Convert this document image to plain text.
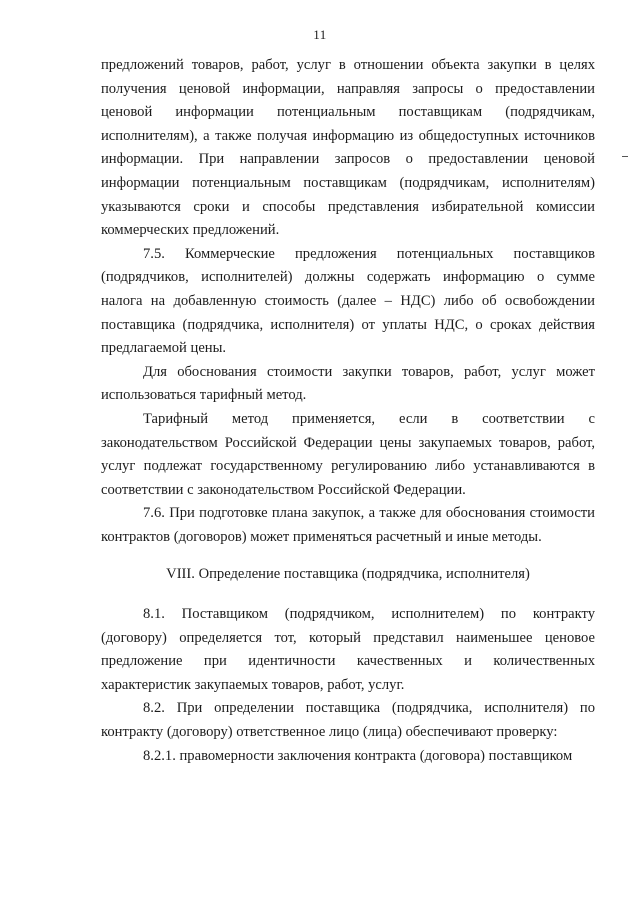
11
предложений товаров, работ, услуг в отношении объекта закупки в целях
получения ценовой информации, направляя запросы о предоставлении
ценовой информации потенциальным поставщикам (подрядчикам,
исполнителям), а также получая информацию из общедоступных источников
информации. При направлении запросов о предоставлении ценовой
информации потенциальным поставщикам (подрядчикам, исполнителям)
указываются сроки и способы представления избирательной комиссии
коммерческих предложений.
7.5. Коммерческие предложения потенциальных поставщиков
(подрядчиков, исполнителей) должны содержать информацию о сумме
налога на добавленную стоимость (далее – НДС) либо об освобождении
поставщика (подрядчика, исполнителя) от уплаты НДС, о сроках действия
предлагаемой цены.
Для обоснования стоимости закупки товаров, работ, услуг может
использоваться тарифный метод.
Тарифный метод применяется, если в соответствии с
законодательством Российской Федерации цены закупаемых товаров, работ,
услуг подлежат государственному регулированию либо устанавливаются в
соответствии с законодательством Российской Федерации.
7.6. При подготовке плана закупок, а также для обоснования стоимости
контрактов (договоров) может применяться расчетный и иные методы.
VIII. Определение поставщика (подрядчика, исполнителя)
8.1. Поставщиком (подрядчиком, исполнителем) по контракту
(договору) определяется тот, который представил наименьшее ценовое
предложение при идентичности качественных и количественных
характеристик закупаемых товаров, работ, услуг.
8.2. При определении поставщика (подрядчика, исполнителя) по
контракту (договору) ответственное лицо (лица) обеспечивают проверку:
8.2.1. правомерности заключения контракта (договора) поставщиком
